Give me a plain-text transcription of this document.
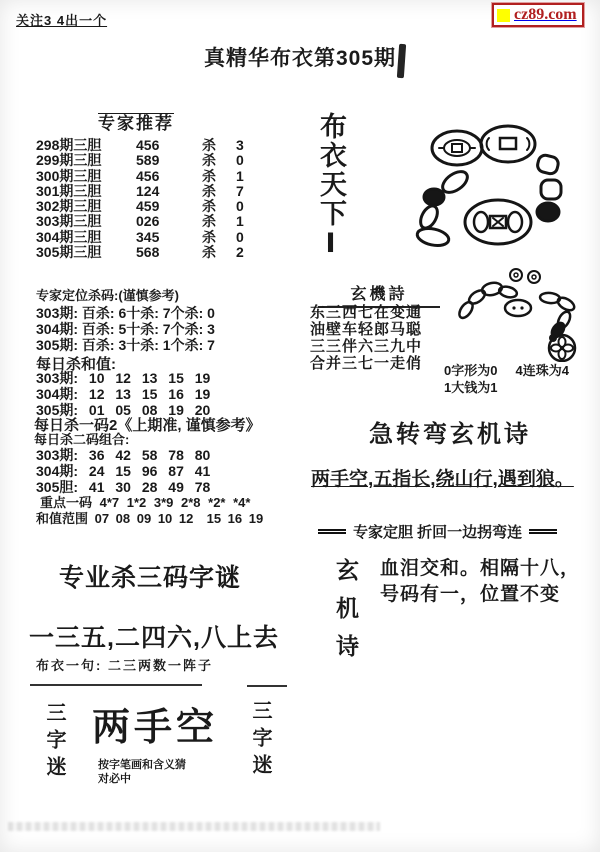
关注3 4出一个	cz89.com
真精华布衣第305期
专家推荐
298期三胆	456	杀	3
299期三胆	589	杀	0
300期三胆	456	杀	1
301期三胆	124	杀	7
302期三胆	459	杀	0
303期三胆	026	杀	1
304期三胆	345	杀	0
305期三胆	568	杀	2
专家定位杀码:(谨慎参考)
303期: 百杀: 6十杀: 7个杀: 0
304期: 百杀: 5十杀: 7个杀: 3
305期: 百杀: 3十杀: 1个杀: 7
每日杀和值:
303期: 10 12 13 15 19
304期: 12 13 15 16 19
305期: 01 05 08 19 20
每日杀一码2《上期准, 谨慎参考》
每日杀二码组合:
303期: 36 42 58 78 80
304期: 24 15 96 87 41
305胆: 41 30 28 49 78
重点一码 4*7 1*2 3*9 2*8 *2* *4*
和值范围 07 08 09 10 12  15 16 19
专业杀三码字谜
一三五,二四六,八上去
布衣一句: 二三两数一阵子
三字迷 两手空
按字笔画和含义猜
对必中	三字迷
布衣天下Ⅰ
玄機詩
东三西七在变通
油壁车轻郎马聪
三三伴六三九中
合并三七一走俏 0字形为0 4连珠为4
1大钱为1
急转弯玄机诗
两手空,五指长,绕山行,遇到狼。
专家定胆 折回一边拐弯连
玄机诗 血泪交和。相隔十八，
号码有一，位置不变
